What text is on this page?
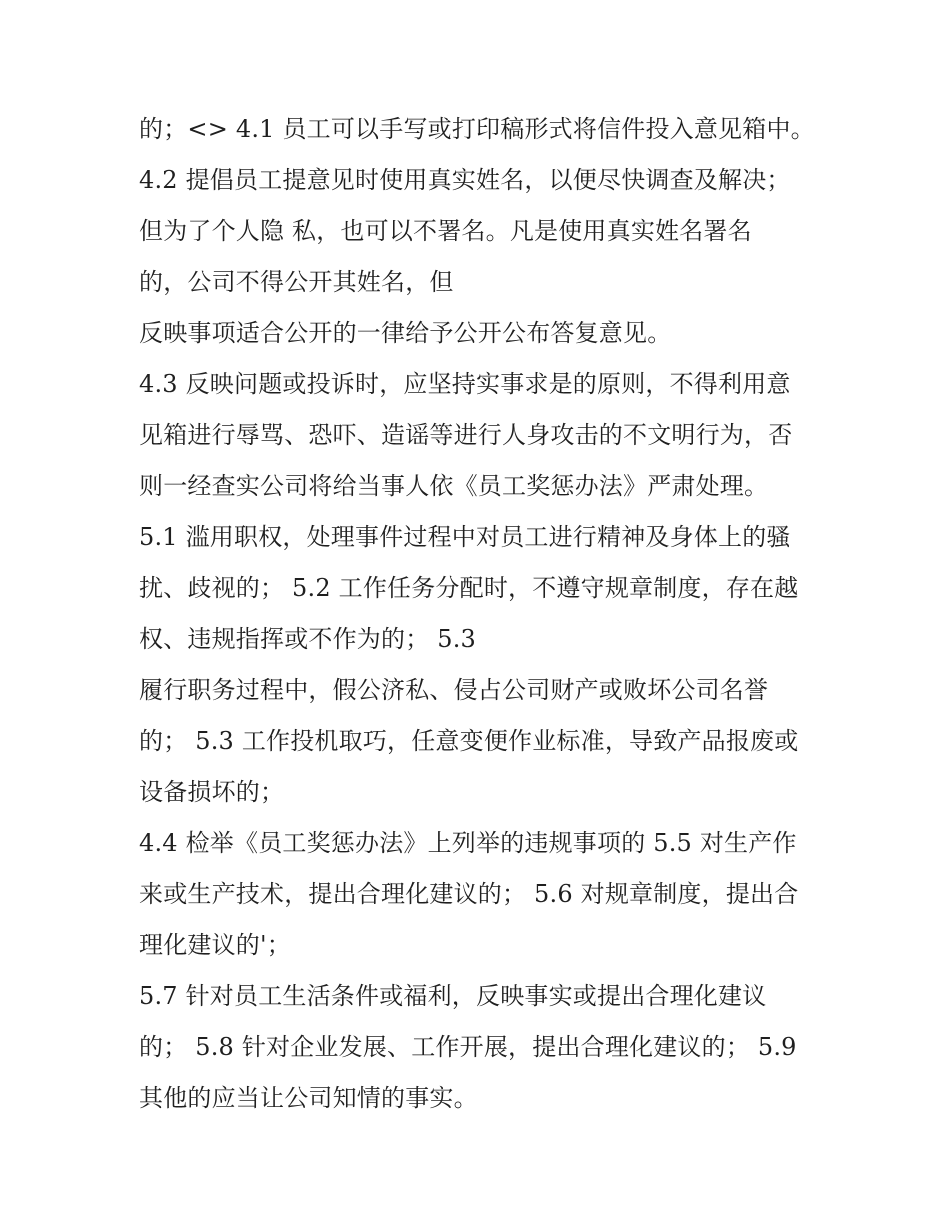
的；<> 4.1 员工可以手写或打印稿形式将信件投入意见箱中。
4.2 提倡员工提意见时使用真实姓名，以便尽快调查及解决；
但为了个人隐 私，也可以不署名。凡是使用真实姓名署名
的，公司不得公开其姓名，但
反映事项适合公开的一律给予公开公布答复意见。
4.3 反映问题或投诉时，应坚持实事求是的原则，不得利用意
见箱进行辱骂、恐吓、造谣等进行人身攻击的不文明行为，否
则一经查实公司将给当事人依《员工奖惩办法》严肃处理。
5.1 滥用职权，处理事件过程中对员工进行精神及身体上的骚
扰、歧视的； 5.2 工作任务分配时，不遵守规章制度，存在越
权、违规指挥或不作为的； 5.3
履行职务过程中，假公济私、侵占公司财产或败坏公司名誉
的； 5.3 工作投机取巧，任意变便作业标准，导致产品报废或
设备损坏的；
4.4 检举《员工奖惩办法》上列举的违规事项的 5.5 对生产作
来或生产技术，提出合理化建议的； 5.6 对规章制度，提出合
理化建议的'；
5.7 针对员工生活条件或福利，反映事实或提出合理化建议
的； 5.8 针对企业发展、工作开展，提出合理化建议的； 5.9
其他的应当让公司知情的事实。
